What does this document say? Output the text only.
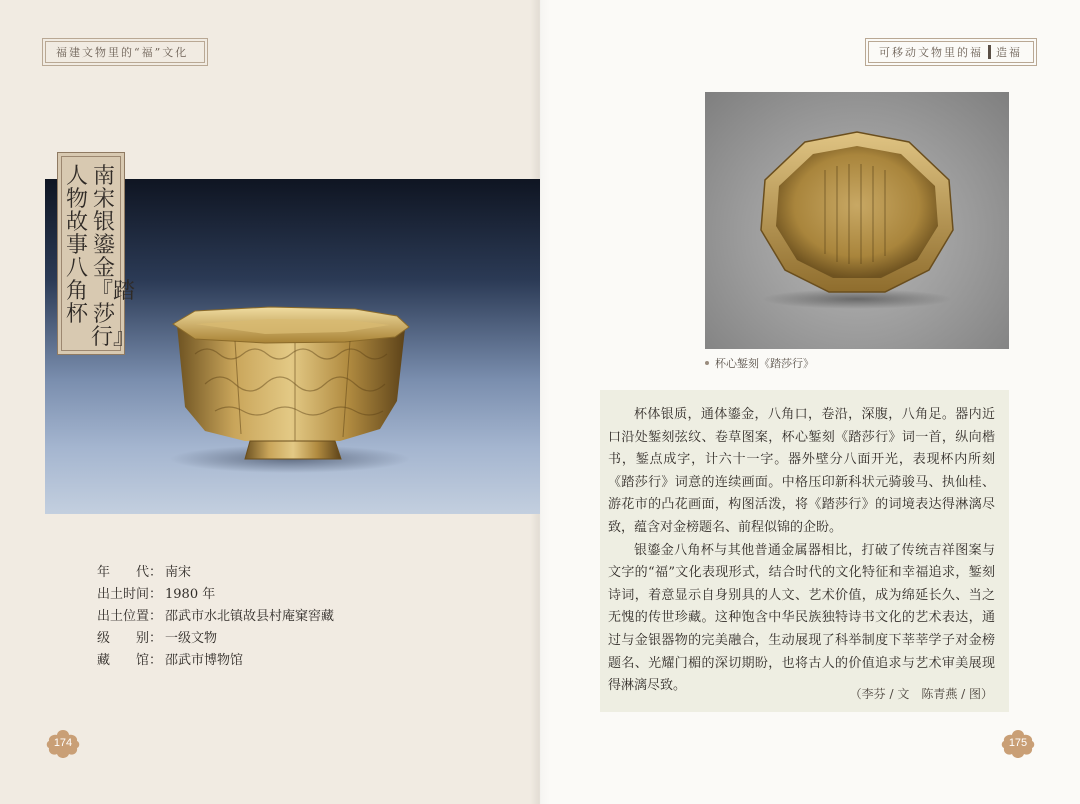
福建文物里的“福”文化	可移动文物里的福 造福
南宋银鎏金『踏莎行』
人物故事八角杯
年　　代： 南宋
出土时间： 1980 年
出土位置： 邵武市水北镇故县村庵窠窖藏
级　　别： 一级文物
藏　　馆： 邵武市博物馆
174
杯心錾刻《踏莎行》

杯体银质，通体鎏金，八角口，卷沿，深腹，八角足。器内近口沿处錾刻弦纹、卷草图案，杯心錾刻《踏莎行》词一首，纵向楷书，錾点成字，计六十一字。器外壁分八面开光，表现杯内所刻《踏莎行》词意的连续画面。中格压印新科状元骑骏马、执仙桂、游花市的凸花画面，构图活泼，将《踏莎行》的词境表达得淋漓尽致，蕴含对金榜题名、前程似锦的企盼。

银鎏金八角杯与其他普通金属器相比，打破了传统吉祥图案与文字的“福”文化表现形式，结合时代的文化特征和幸福追求，錾刻诗词，着意显示自身别具的人文、艺术价值，成为绵延长久、当之无愧的传世珍藏。这种饱含中华民族独特诗书文化的艺术表达，通过与金银器物的完美融合，生动展现了科举制度下莘莘学子对金榜题名、光耀门楣的深切期盼，也将古人的价值追求与艺术审美展现得淋漓尽致。

（李芬 / 文　陈青燕 / 图）
175
